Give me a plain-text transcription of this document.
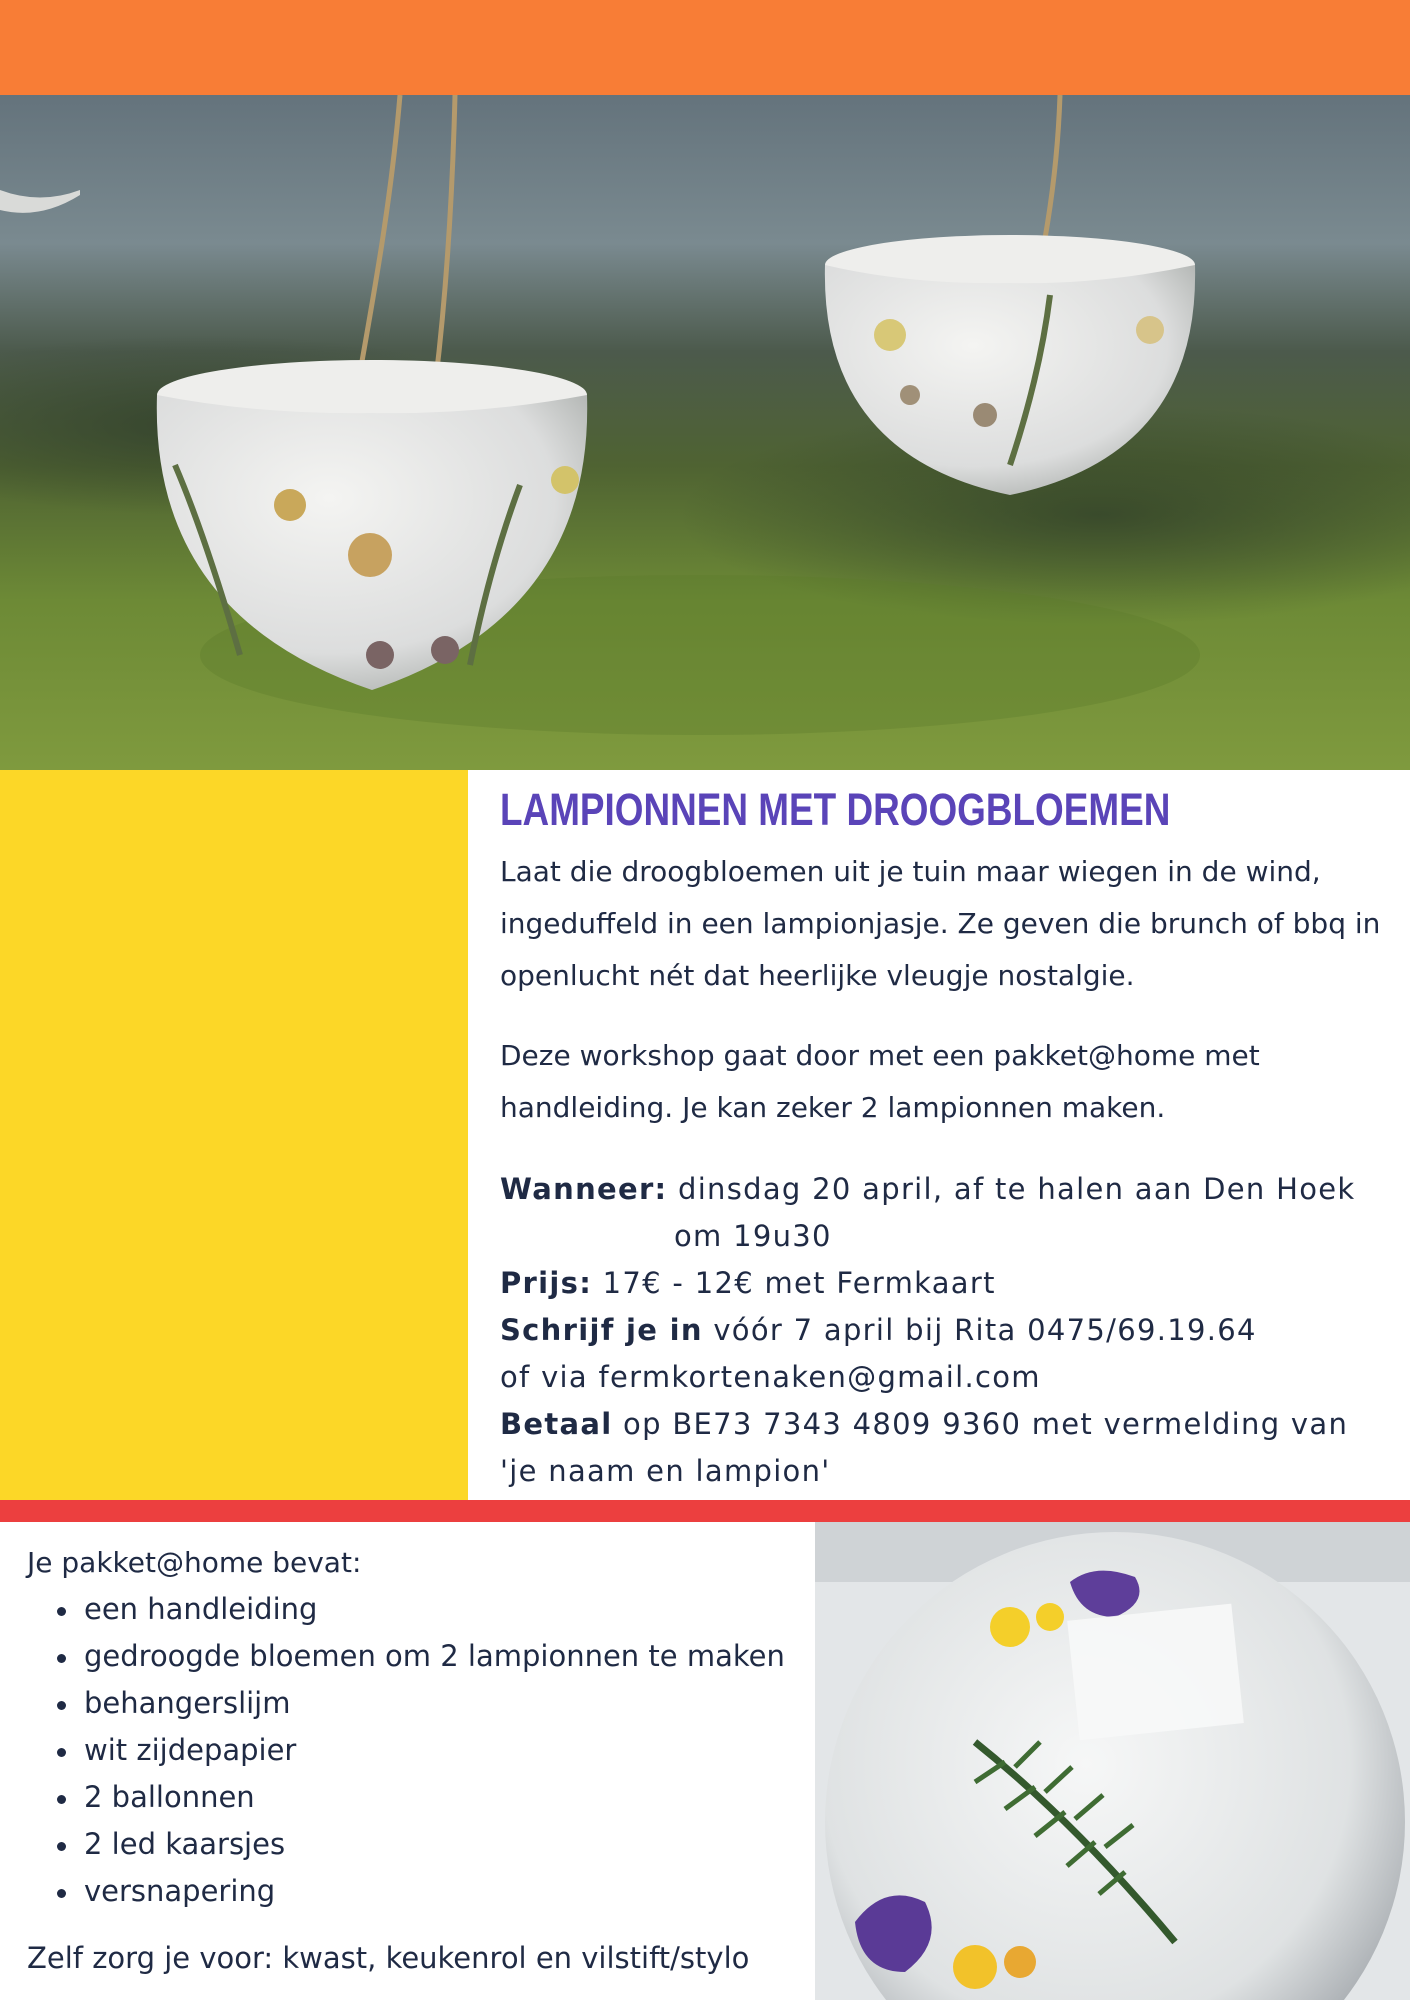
LAMPIONNEN MET DROOGBLOEMEN

Laat die droogbloemen uit je tuin maar wiegen in de wind, ingeduffeld in een lampionjasje. Ze geven die brunch of bbq in openlucht nét dat heerlijke vleugje nostalgie.

Deze workshop gaat door met een pakket@home met handleiding. Je kan zeker 2 lampionnen maken.

Wanneer: dinsdag 20 april, af te halen aan Den Hoek
om 19u30
Prijs: 17€ - 12€ met Fermkaart
Schrijf je in vóór 7 april bij Rita 0475/69.19.64
of via fermkortenaken@gmail.com
Betaal op BE73 7343 4809 9360 met vermelding van
'je naam en lampion'

Je pakket@home bevat:

een handleiding
gedroogde bloemen om 2 lampionnen te maken
behangerslijm
wit zijdepapier
2 ballonnen
2 led kaarsjes
versnapering
Zelf zorg je voor: kwast, keukenrol en vilstift/stylo
